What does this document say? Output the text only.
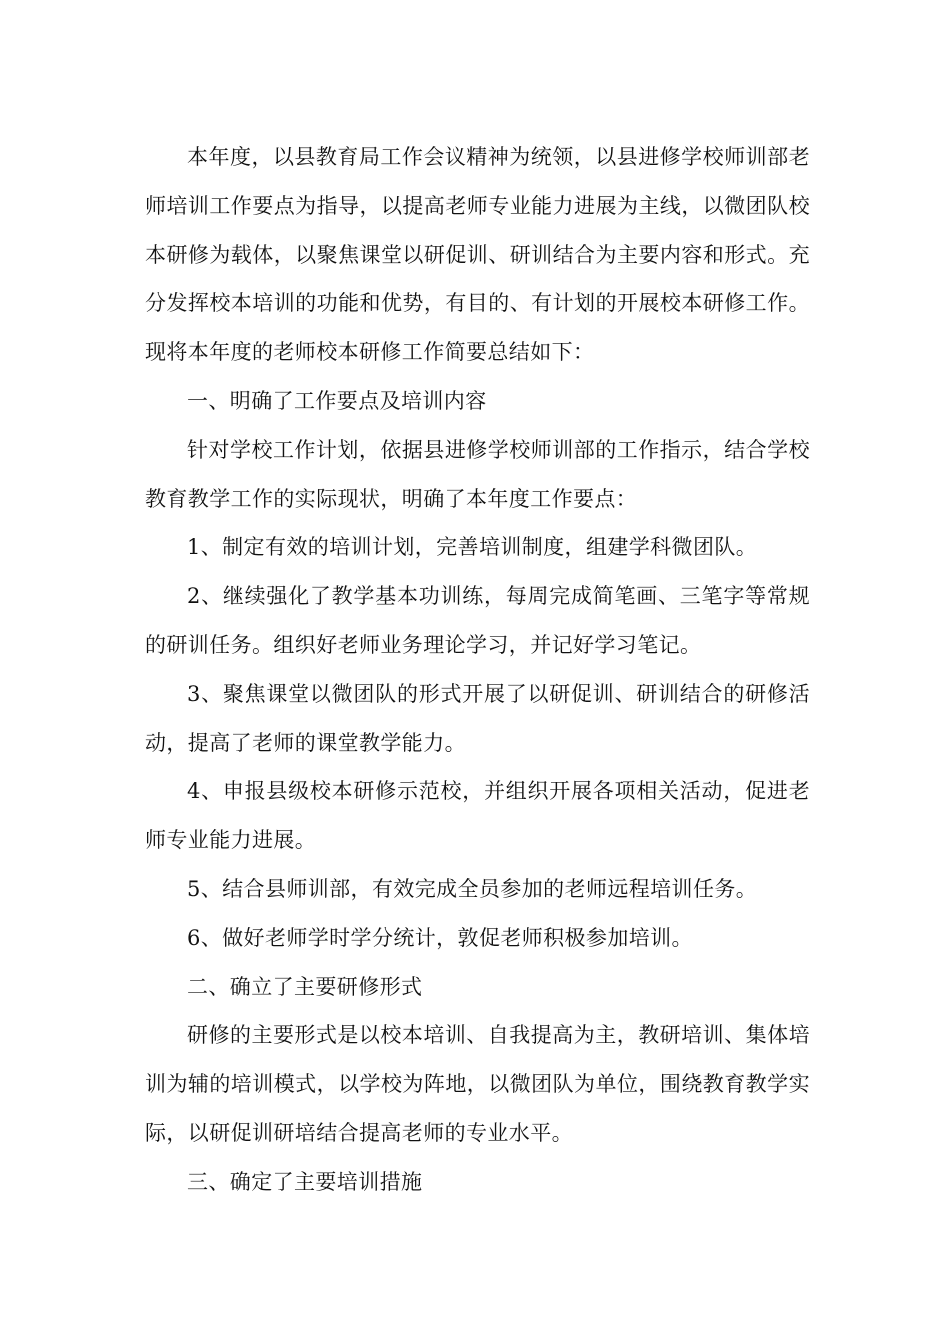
本年度，以县教育局工作会议精神为统领，以县进修学校师训部老师培训工作要点为指导，以提高老师专业能力进展为主线，以微团队校本研修为载体，以聚焦课堂以研促训、研训结合为主要内容和形式。充分发挥校本培训的功能和优势，有目的、有计划的开展校本研修工作。现将本年度的老师校本研修工作简要总结如下：

一、明确了工作要点及培训内容

针对学校工作计划，依据县进修学校师训部的工作指示，结合学校教育教学工作的实际现状，明确了本年度工作要点：

1、制定有效的培训计划，完善培训制度，组建学科微团队。

2、继续强化了教学基本功训练，每周完成简笔画、三笔字等常规的研训任务。组织好老师业务理论学习，并记好学习笔记。

3、聚焦课堂以微团队的形式开展了以研促训、研训结合的研修活动，提高了老师的课堂教学能力。

4、申报县级校本研修示范校，并组织开展各项相关活动，促进老师专业能力进展。

5、结合县师训部，有效完成全员参加的老师远程培训任务。

6、做好老师学时学分统计，敦促老师积极参加培训。

二、确立了主要研修形式

研修的主要形式是以校本培训、自我提高为主，教研培训、集体培训为辅的培训模式，以学校为阵地，以微团队为单位，围绕教育教学实际，以研促训研培结合提高老师的专业水平。

三、确定了主要培训措施
